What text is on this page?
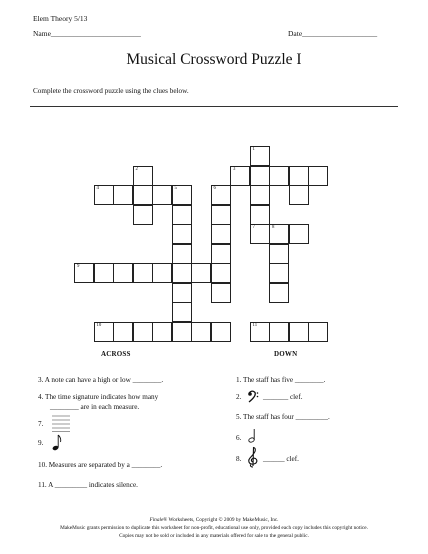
Elem Theory 5/13
Name________________________	Date____________________
Musical Crossword Puzzle I
Complete the crossword puzzle using the clues below.
1
7
2	3
4	5	6
8
9
10	11
ACROSS	DOWN
3. A note can have a high or low ________.
4. The time signature indicates how many
________ are in each measure.
7.
9.
10. Measures are separated by a ________.
11. A _________ indicates silence.
1. The staff has five ________.
2.	_______ clef.
5. The staff has four _________.
6.
8.	______ clef.
Finale® Worksheets, Copyright © 2009 by MakeMusic, Inc.
MakeMusic grants permission to duplicate this worksheet for non-profit, educational use only, provided each copy includes this copyright notice.
Copies may not be sold or included in any materials offered for sale to the general public.
